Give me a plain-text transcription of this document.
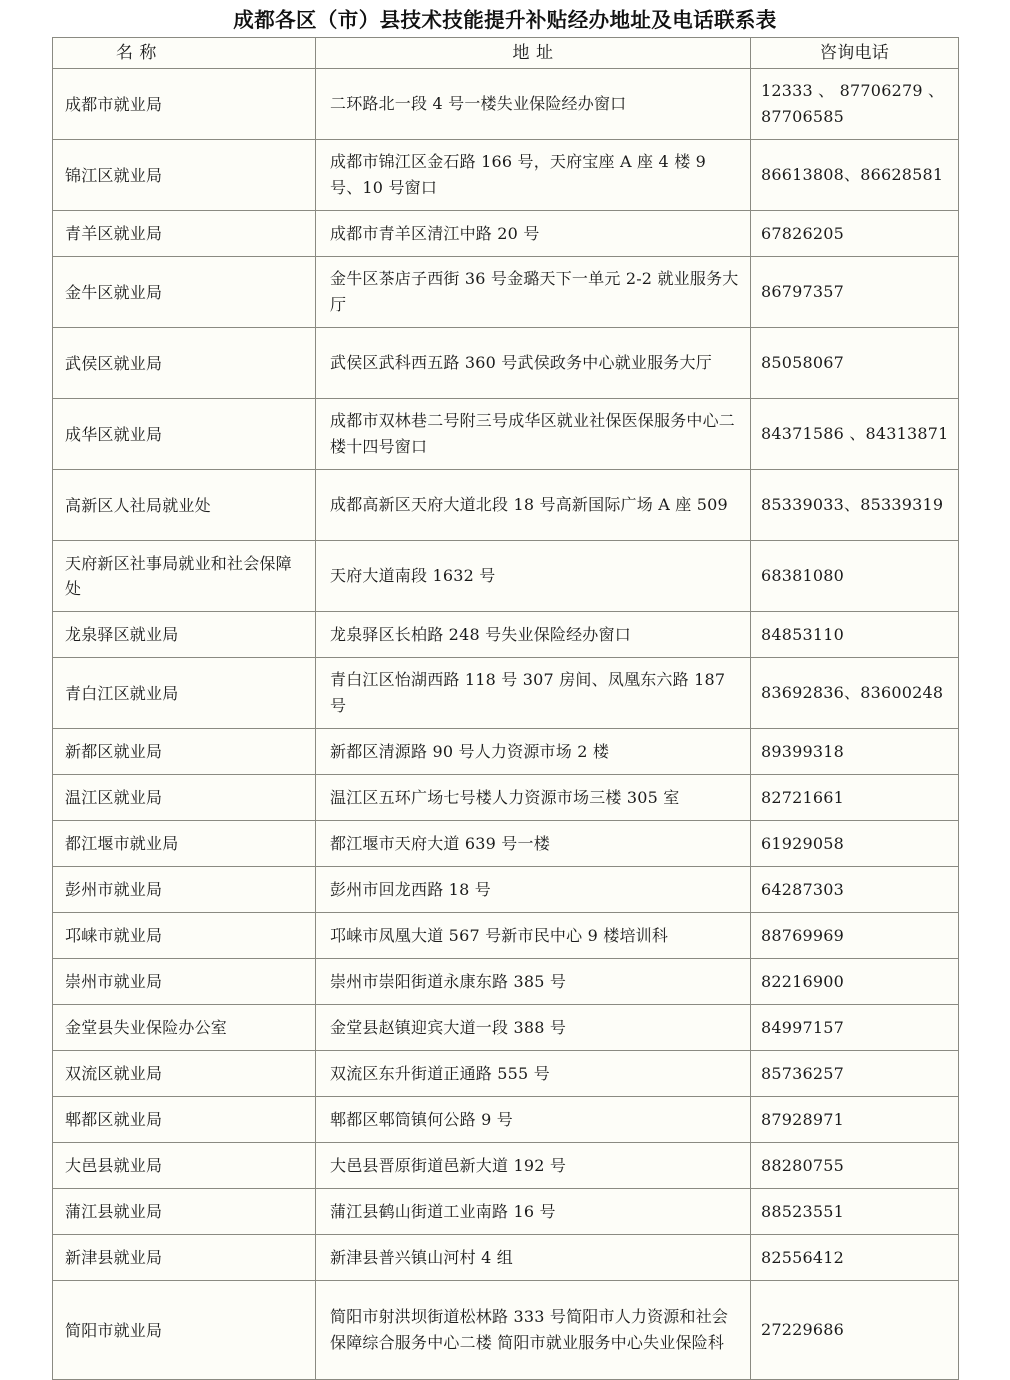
成都各区（市）县技术技能提升补贴经办地址及电话联系表
名 称	地 址	咨询电话
成都市就业局	二环路北一段 4 号一楼失业保险经办窗口	12333 、 87706279 、87706585
锦江区就业局	成都市锦江区金石路 166 号，天府宝座 A 座 4 楼 9 号、10 号窗口	86613808、86628581
青羊区就业局	成都市青羊区清江中路 20 号	67826205
金牛区就业局	金牛区茶店子西街 36 号金璐天下一单元 2-2 就业服务大厅	86797357
武侯区就业局	武侯区武科西五路 360 号武侯政务中心就业服务大厅	85058067
成华区就业局	成都市双林巷二号附三号成华区就业社保医保服务中心二楼十四号窗口	84371586 、84313871
高新区人社局就业处	成都高新区天府大道北段 18 号高新国际广场 A 座 509	85339033、85339319
天府新区社事局就业和社会保障处	天府大道南段 1632 号	68381080
龙泉驿区就业局	龙泉驿区长柏路 248 号失业保险经办窗口	84853110
青白江区就业局	青白江区怡湖西路 118 号 307 房间、凤凰东六路 187 号	83692836、83600248
新都区就业局	新都区清源路 90 号人力资源市场 2 楼	89399318
温江区就业局	温江区五环广场七号楼人力资源市场三楼 305 室	82721661
都江堰市就业局	都江堰市天府大道 639 号一楼	61929058
彭州市就业局	彭州市回龙西路 18 号	64287303
邛崃市就业局	邛崃市凤凰大道 567 号新市民中心 9 楼培训科	88769969
崇州市就业局	崇州市崇阳街道永康东路 385 号	82216900
金堂县失业保险办公室	金堂县赵镇迎宾大道一段 388 号	84997157
双流区就业局	双流区东升街道正通路 555 号	85736257
郫都区就业局	郫都区郫筒镇何公路 9 号	87928971
大邑县就业局	大邑县晋原街道邑新大道 192 号	88280755
蒲江县就业局	蒲江县鹤山街道工业南路 16 号	88523551
新津县就业局	新津县普兴镇山河村 4 组	82556412
简阳市就业局	简阳市射洪坝街道松林路 333 号简阳市人力资源和社会保障综合服务中心二楼 简阳市就业服务中心失业保险科	27229686
